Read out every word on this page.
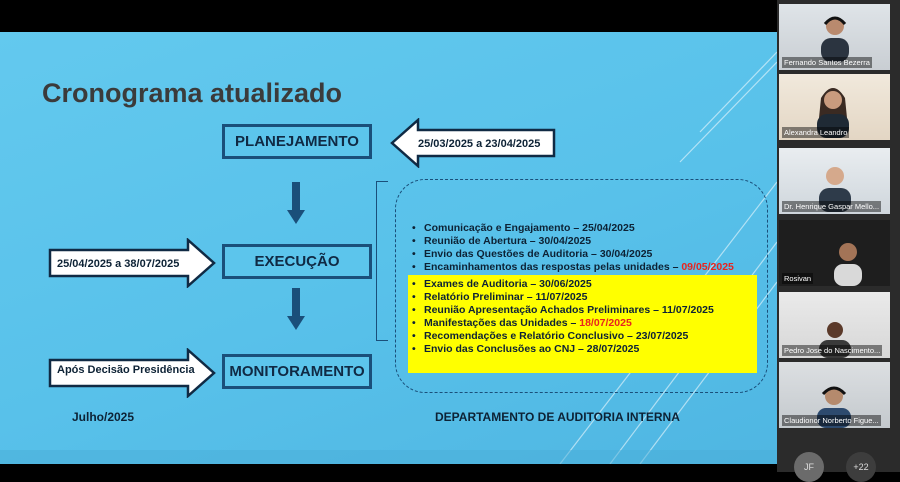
Cronograma atualizado
PLANEJAMENTO
EXECUÇÃO
MONITORAMENTO
25/03/2025 a 23/04/2025
25/04/2025 a 38/07/2025
Após Decisão Presidência
• Comunicação e Engajamento – 25/04/2025
• Reunião de Abertura – 30/04/2025
• Envio das Questões de Auditoria – 30/04/2025
• Encaminhamentos das respostas pelas unidades – 09/05/2025
• Exames de Auditoria – 30/06/2025
• Relatório Preliminar – 11/07/2025
• Reunião Apresentação Achados Preliminares – 11/07/2025
• Manifestações das Unidades – 18/07/2025
• Recomendações e Relatório Conclusivo – 23/07/2025
• Envio das Conclusões ao CNJ – 28/07/2025
Julho/2025	DEPARTAMENTO DE AUDITORIA INTERNA
Fernando Santos Bezerra
Alexandra Leandro
Dr. Henrique Gaspar Mello...
Rosivan
Pedro Jose do Nascimento...
Claudionor Norberto Figue...
JF	+22
